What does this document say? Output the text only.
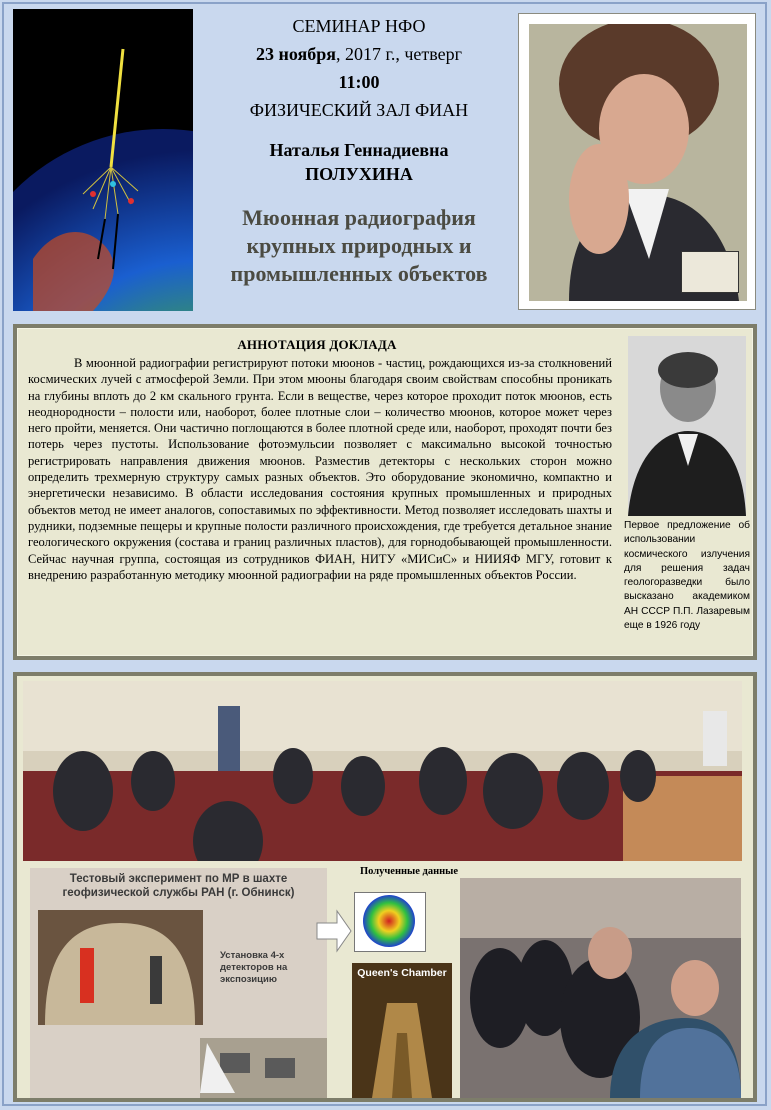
СЕМИНАР НФО
23 ноября, 2017 г., четверг
11:00
ФИЗИЧЕСКИЙ ЗАЛ ФИАН
Наталья Геннадиевна
ПОЛУХИНА
Мюонная радиография крупных природных и промышленных объектов
АННОТАЦИЯ ДОКЛАДА

В мюонной радиографии регистрируют потоки мюонов - частиц, рождающихся из-за столкновений космических лучей с атмосферой Земли. При этом мюоны благодаря своим свойствам способны проникать на глубины вплоть до 2 км скального грунта. Если в веществе, через которое проходит поток мюонов, есть неоднородности – полости или, наоборот, более плотные слои – количество мюонов, которое может через него пройти, меняется. Они частично поглощаются в более плотной среде или, наоборот, проходят почти без потерь через пустоты. Использование фотоэмульсии позволяет с максимально высокой точностью регистрировать направления движения мюонов. Разместив детекторы с нескольких сторон можно определить трехмерную структуру самых разных объектов. Это оборудование экономично, компактно и энергетически независимо. В области исследования состояния крупных промышленных и природных объектов метод не имеет аналогов, сопоставимых по эффективности. Метод позволяет исследовать шахты и рудники, подземные пещеры и крупные полости различного происхождения, где требуется детальное знание геологического окружения (состава и границ различных пластов), для горнодобывающей промышленности. Сейчас научная группа, состоящая из сотрудников ФИАН, НИТУ «МИСиС» и НИИЯФ МГУ, готовит к внедрению разработанную методику мюонной радиографии на ряде промышленных объектов России.

Первое предложение об использовании космического излучения для решения задач геологоразведки было высказано академиком АН СССР П.П. Лазаревым еще в 1926 году

Тестовый эксперимент по МР в шахте геофизической службы РАН (г. Обнинск)
Установка 4-х детекторов на экспозицию
Полученные данные
Queen's Chamber
